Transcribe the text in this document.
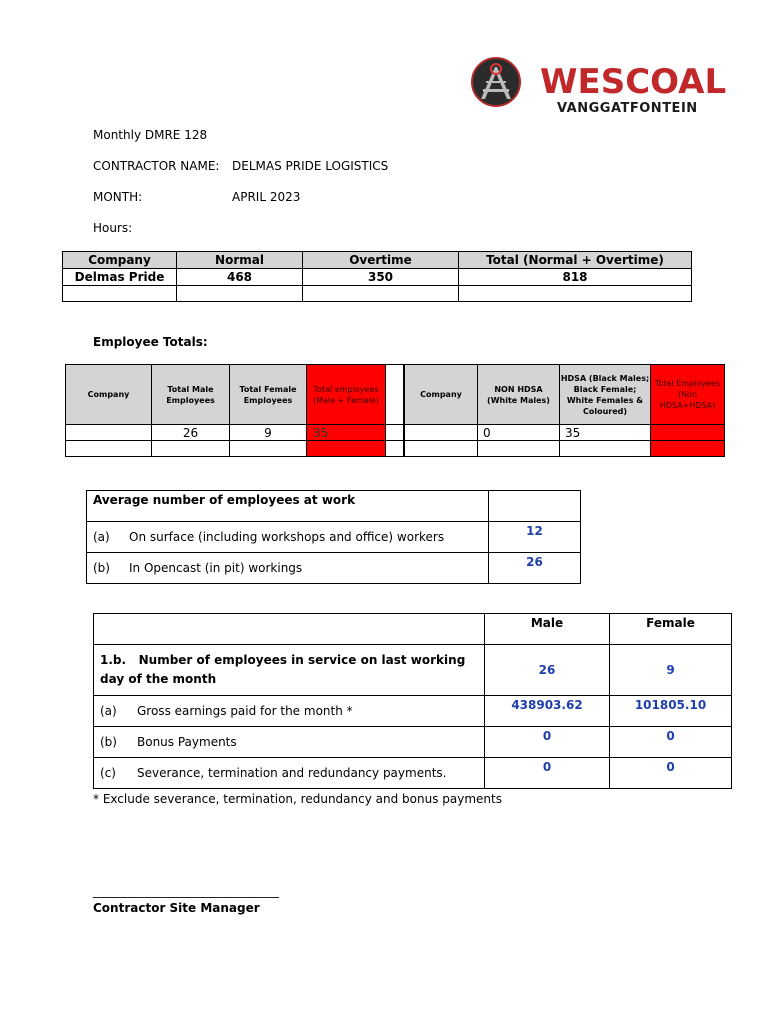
WESCOAL
VANGGATFONTEIN
Monthly DMRE 128
CONTRACTOR NAME: DELMAS PRIDE LOGISTICS
MONTH:	APRIL 2023
Hours:
Company	Normal	Overtime	Total (Normal + Overtime)
Delmas Pride	468	350	818

Employee Totals:
Company	Total Male Employees	Total Female Employees	Total employees (Male + Female)
	26	9	35

Company	NON HDSA (White Males)	HDSA (Black Males; Black Female; White Females & Coloured)	Total Employees (Non HDSA+HDSA)
	0	35	

Average number of employees at work	
(a) On surface (including workshops and office) workers	12
(b) In Opencast (in pit) workings	26
	Male	Female
1.b. Number of employees in service on last working day of the month	26	9
(a) Gross earnings paid for the month *	438903.62	101805.10
(b) Bonus Payments	0	0
(c) Severance, termination and redundancy payments.	0	0
* Exclude severance, termination, redundancy and bonus payments
_______________________________
Contractor Site Manager
